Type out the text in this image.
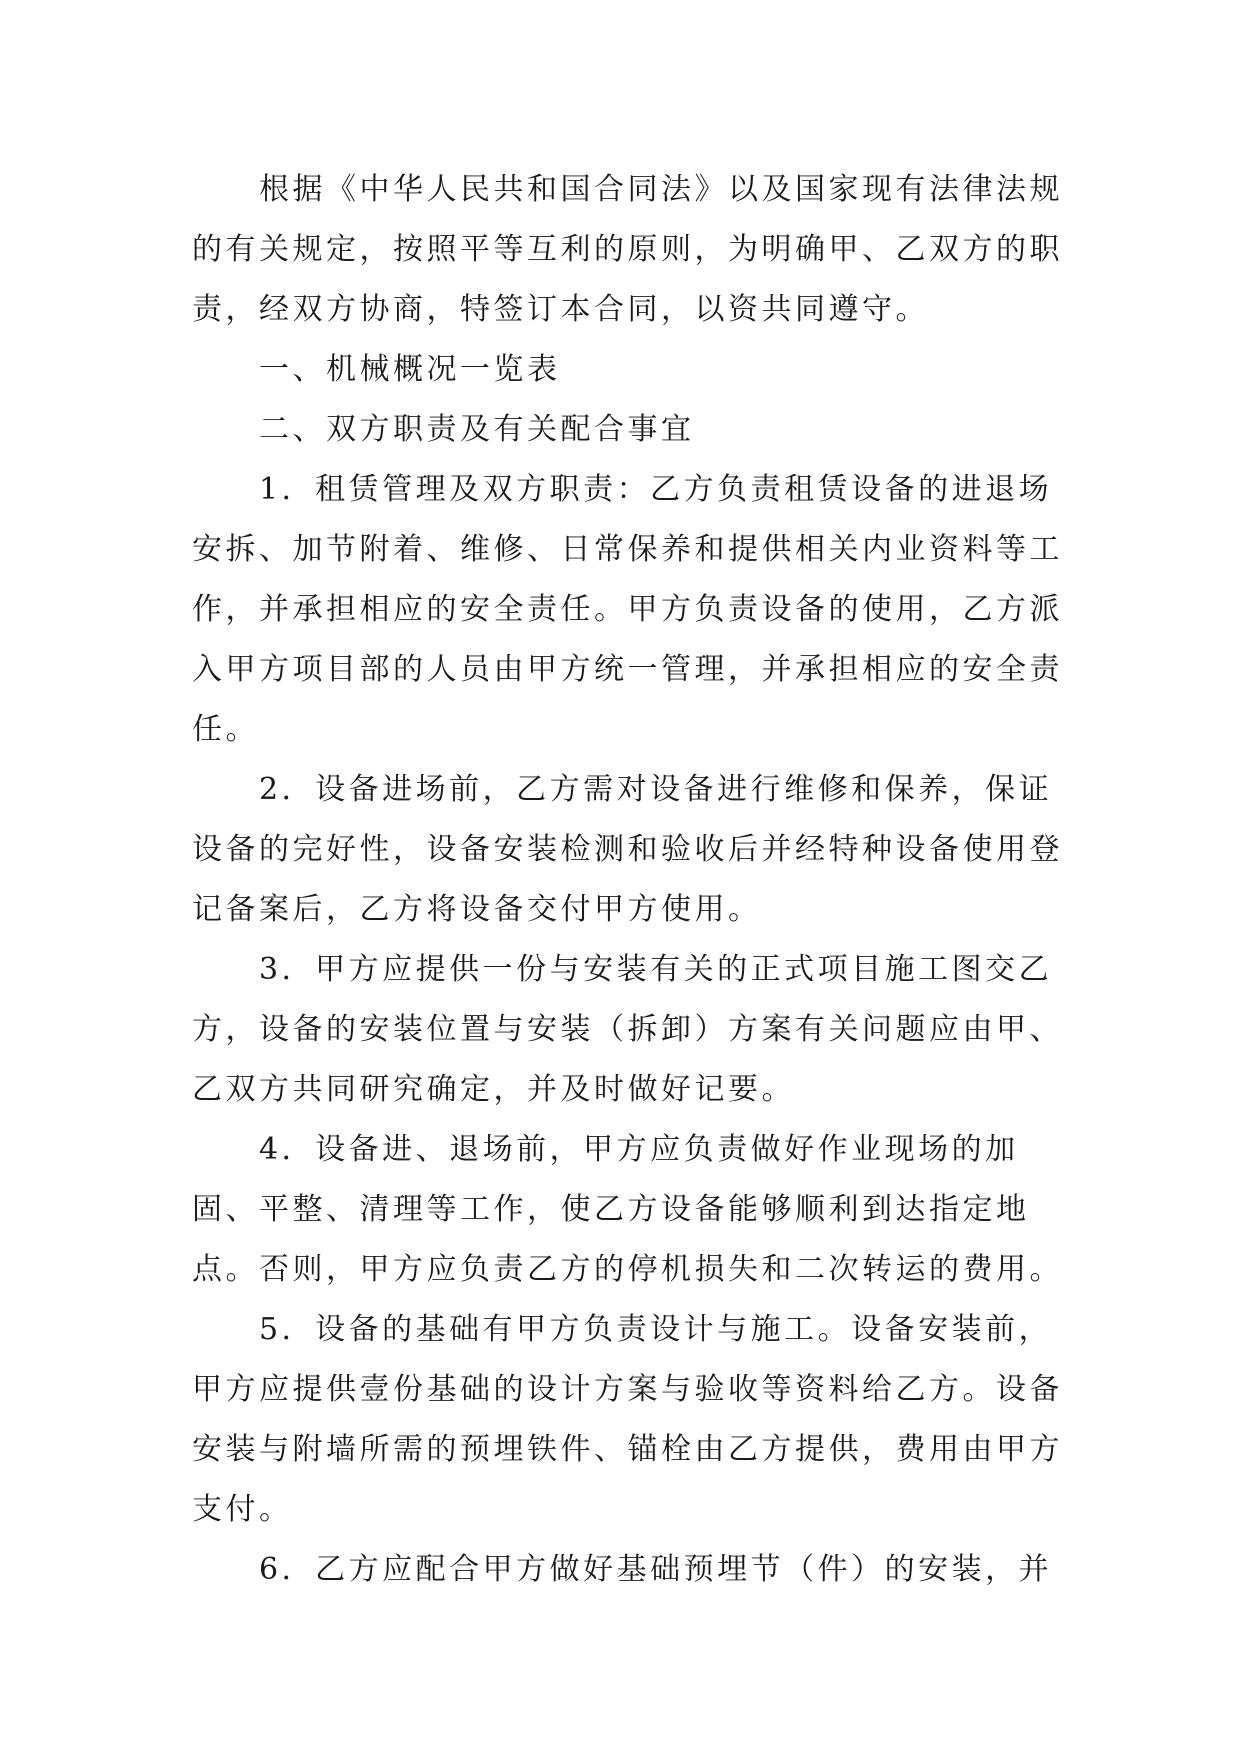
根据《中华人民共和国合同法》以及国家现有法律法规的有关规定，按照平等互利的原则，为明确甲、乙双方的职责，经双方协商，特签订本合同，以资共同遵守。

一、机械概况一览表

二、双方职责及有关配合事宜

1．租赁管理及双方职责：乙方负责租赁设备的进退场安拆、加节附着、维修、日常保养和提供相关内业资料等工作，并承担相应的安全责任。甲方负责设备的使用，乙方派入甲方项目部的人员由甲方统一管理，并承担相应的安全责任。

2．设备进场前，乙方需对设备进行维修和保养，保证设备的完好性，设备安装检测和验收后并经特种设备使用登记备案后，乙方将设备交付甲方使用。

3．甲方应提供一份与安装有关的正式项目施工图交乙方，设备的安装位置与安装（拆卸）方案有关问题应由甲、乙双方共同研究确定，并及时做好记要。

4．设备进、退场前，甲方应负责做好作业现场的加固、平整、清理等工作，使乙方设备能够顺利到达指定地点。否则，甲方应负责乙方的停机损失和二次转运的费用。

5．设备的基础有甲方负责设计与施工。设备安装前，甲方应提供壹份基础的设计方案与验收等资料给乙方。设备安装与附墙所需的预埋铁件、锚栓由乙方提供，费用由甲方支付。

6．乙方应配合甲方做好基础预埋节（件）的安装，并
